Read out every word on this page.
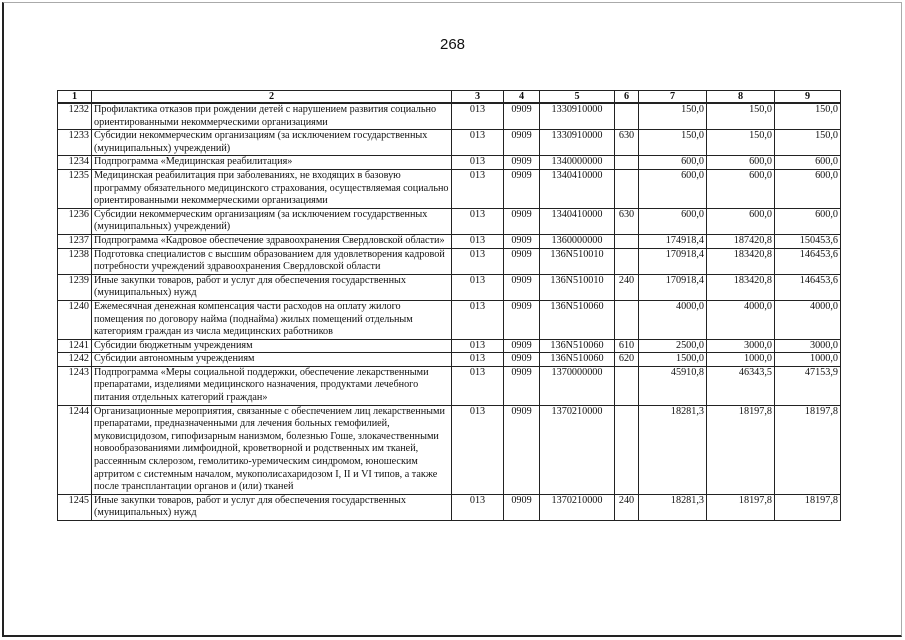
268
1	2	3	4	5	6	7	8	9
1232	Профилактика отказов при рождении детей с нарушением развития социально ориентированными некоммерческими организациями	013	0909	1330910000		150,0	150,0	150,0
1233	Субсидии некоммерческим организациям (за исключением государственных (муниципальных) учреждений)	013	0909	1330910000	630	150,0	150,0	150,0
1234	Подпрограмма «Медицинская реабилитация»	013	0909	1340000000		600,0	600,0	600,0
1235	Медицинская реабилитация при заболеваниях, не входящих в базовую программу обязательного медицинского страхования, осуществляемая социально ориентированными некоммерческими организациями	013	0909	1340410000		600,0	600,0	600,0
1236	Субсидии некоммерческим организациям (за исключением государственных (муниципальных) учреждений)	013	0909	1340410000	630	600,0	600,0	600,0
1237	Подпрограмма «Кадровое обеспечение здравоохранения Свердловской области»	013	0909	1360000000		174918,4	187420,8	150453,6
1238	Подготовка специалистов с высшим образованием для удовлетворения кадровой потребности учреждений здравоохранения Свердловской области	013	0909	136N510010		170918,4	183420,8	146453,6
1239	Иные закупки товаров, работ и услуг для обеспечения государственных (муниципальных) нужд	013	0909	136N510010	240	170918,4	183420,8	146453,6
1240	Ежемесячная денежная компенсация части расходов на оплату жилого помещения по договору найма (поднайма) жилых помещений отдельным категориям граждан из числа медицинских работников	013	0909	136N510060		4000,0	4000,0	4000,0
1241	Субсидии бюджетным учреждениям	013	0909	136N510060	610	2500,0	3000,0	3000,0
1242	Субсидии автономным учреждениям	013	0909	136N510060	620	1500,0	1000,0	1000,0
1243	Подпрограмма «Меры социальной поддержки, обеспечение лекарственными препаратами, изделиями медицинского назначения, продуктами лечебного питания отдельных категорий граждан»	013	0909	1370000000		45910,8	46343,5	47153,9
1244	Организационные мероприятия, связанные с обеспечением лиц лекарственными препаратами, предназначенными для лечения больных гемофилией, муковисцидозом, гипофизарным нанизмом, болезнью Гоше, злокачественными новообразованиями лимфоидной, кроветворной и родственных им тканей, рассеянным склерозом, гемолитико-уремическим синдромом, юношеским артритом с системным началом, мукополисахаридозом I, II и VI типов, а также после трансплантации органов и (или) тканей	013	0909	1370210000		18281,3	18197,8	18197,8
1245	Иные закупки товаров, работ и услуг для обеспечения государственных (муниципальных) нужд	013	0909	1370210000	240	18281,3	18197,8	18197,8
